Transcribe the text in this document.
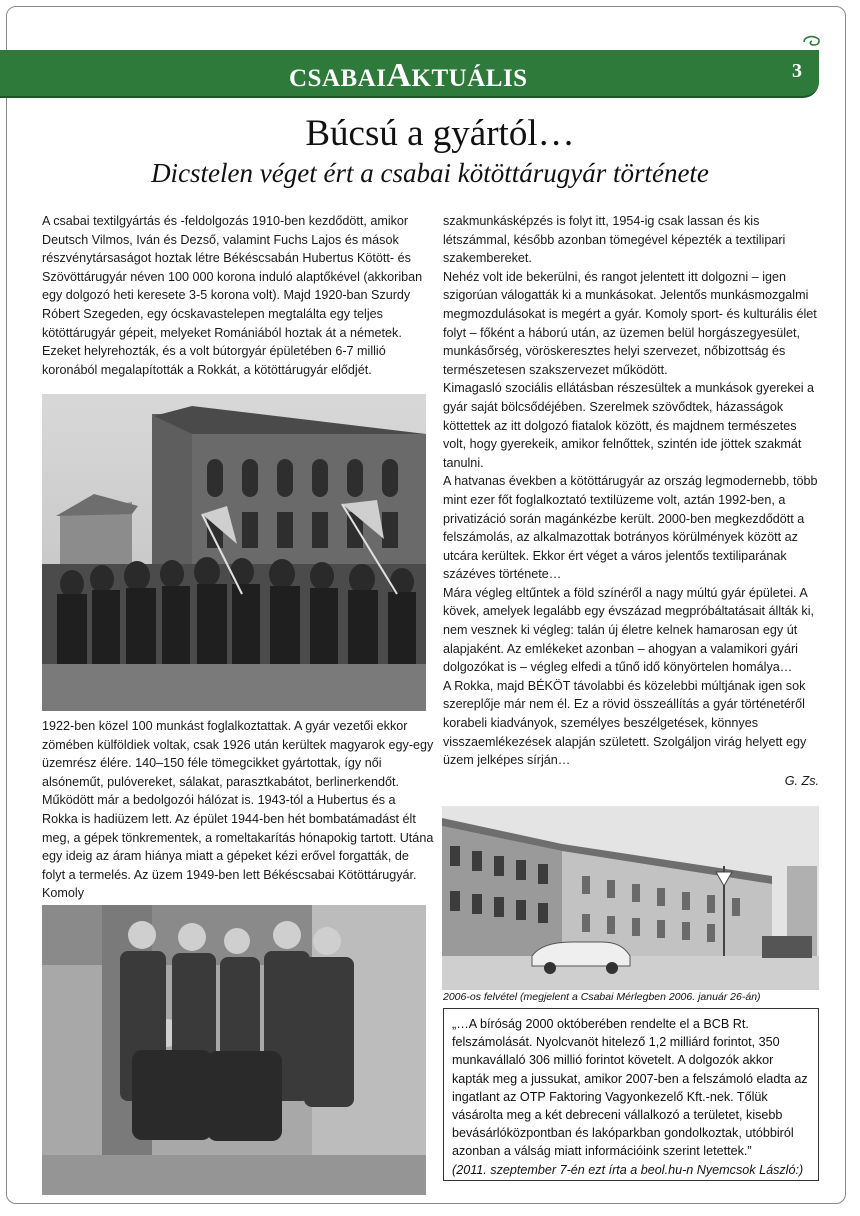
CSABAIAKTUÁLIS	3
Búcsú a gyártól…
Dicstelen véget ért a csabai kötöttárugyár története

A csabai textilgyártás és -feldolgozás 1910-ben kezdődött, amikor Deutsch Vilmos, Iván és Dezső, valamint Fuchs Lajos és mások részvénytársaságot hoztak létre Békéscsabán Hubertus Kötött- és Szövöttárugyár néven 100 000 korona induló alaptőkével (akkoriban egy dolgozó heti keresete 3-5 korona volt). Majd 1920-ban Szurdy Róbert Szegeden, egy ócskavastelepen megtalálta egy teljes kötöttárugyár gépeit, melyeket Romániából hoztak át a németek. Ezeket helyrehozták, és a volt bútorgyár épületében 6-7 millió koronából megalapították a Rokkát, a kötöttárugyár elődjét.

1922-ben közel 100 munkást foglalkoztattak. A gyár vezetői ekkor zömében külföldiek voltak, csak 1926 után kerültek magyarok egy-egy üzemrész élére. 140–150 féle tömegcikket gyártottak, így női alsóneműt, pulóvereket, sálakat, parasztkabátot, berlinerkendőt. Működött már a bedolgozói hálózat is. 1943-tól a Hubertus és a Rokka is hadiüzem lett. Az épület 1944-ben hét bombatámadást élt meg, a gépek tönkrementek, a romeltakarítás hónapokig tartott. Utána egy ideig az áram hiánya miatt a gépeket kézi erővel forgatták, de folyt a termelés. Az üzem 1949-ben lett Békéscsabai Kötöttárugyár. Komoly

szakmunkásképzés is folyt itt, 1954-ig csak lassan és kis létszámmal, később azonban tömegével képezték a textilipari szakembereket.

Nehéz volt ide bekerülni, és rangot jelentett itt dolgozni – igen szigorúan válogatták ki a munkásokat. Jelentős munkásmozgalmi megmozdulásokat is megért a gyár. Komoly sport- és kulturális élet folyt – főként a háború után, az üzemen belül horgászegyesület, munkásőrség, vöröskeresztes helyi szervezet, nőbizottság és természetesen szakszervezet működött.

Kimagasló szociális ellátásban részesültek a munkások gyerekei a gyár saját bölcsődéjében. Szerelmek szövődtek, házasságok köttettek az itt dolgozó fiatalok között, és majdnem természetes volt, hogy gyerekeik, amikor felnőttek, szintén ide jöttek szakmát tanulni.

A hatvanas években a kötöttárugyár az ország legmodernebb, több mint ezer főt foglalkoztató textilüzeme volt, aztán 1992-ben, a privatizáció során magánkézbe került. 2000-ben megkezdődött a felszámolás, az alkalmazottak botrányos körülmények között az utcára kerültek. Ekkor ért véget a város jelentős textiliparának százéves története…

Mára végleg eltűntek a föld színéről a nagy múltú gyár épületei. A kövek, amelyek legalább egy évszázad megpróbáltatásait állták ki, nem vesznek ki végleg: talán új életre kelnek hamarosan egy út alapjaként. Az emlékeket azonban – ahogyan a valamikori gyári dolgozókat is – végleg elfedi a tűnő idő könyörtelen homálya…

A Rokka, majd BÉKÖT távolabbi és közelebbi múltjának igen sok szereplője már nem él. Ez a rövid összeállítás a gyár történetéről korabeli kiadványok, személyes beszélgetések, könnyes visszaemlékezések alapján született. Szolgáljon virág helyett egy üzem jelképes sírján…

G. Zs.

2006-os felvétel (megjelent a Csabai Mérlegben 2006. január 26-án)

„…A bíróság 2000 októberében rendelte el a BCB Rt. felszámolását. Nyolcvanöt hitelező 1,2 milliárd forintot, 350 munkavállaló 306 millió forintot követelt. A dolgozók akkor kapták meg a jussukat, amikor 2007-ben a felszámoló eladta az ingatlant az OTP Faktoring Vagyonkezelő Kft.-nek. Tőlük vásárolta meg a két debreceni vállalkozó a területet, kisebb bevásárlóközpontban és lakóparkban gondolkoztak, utóbbiról azonban a válság miatt információink szerint letettek.”

(2011. szeptember 7-én ezt írta a beol.hu-n Nyemcsok László:)
